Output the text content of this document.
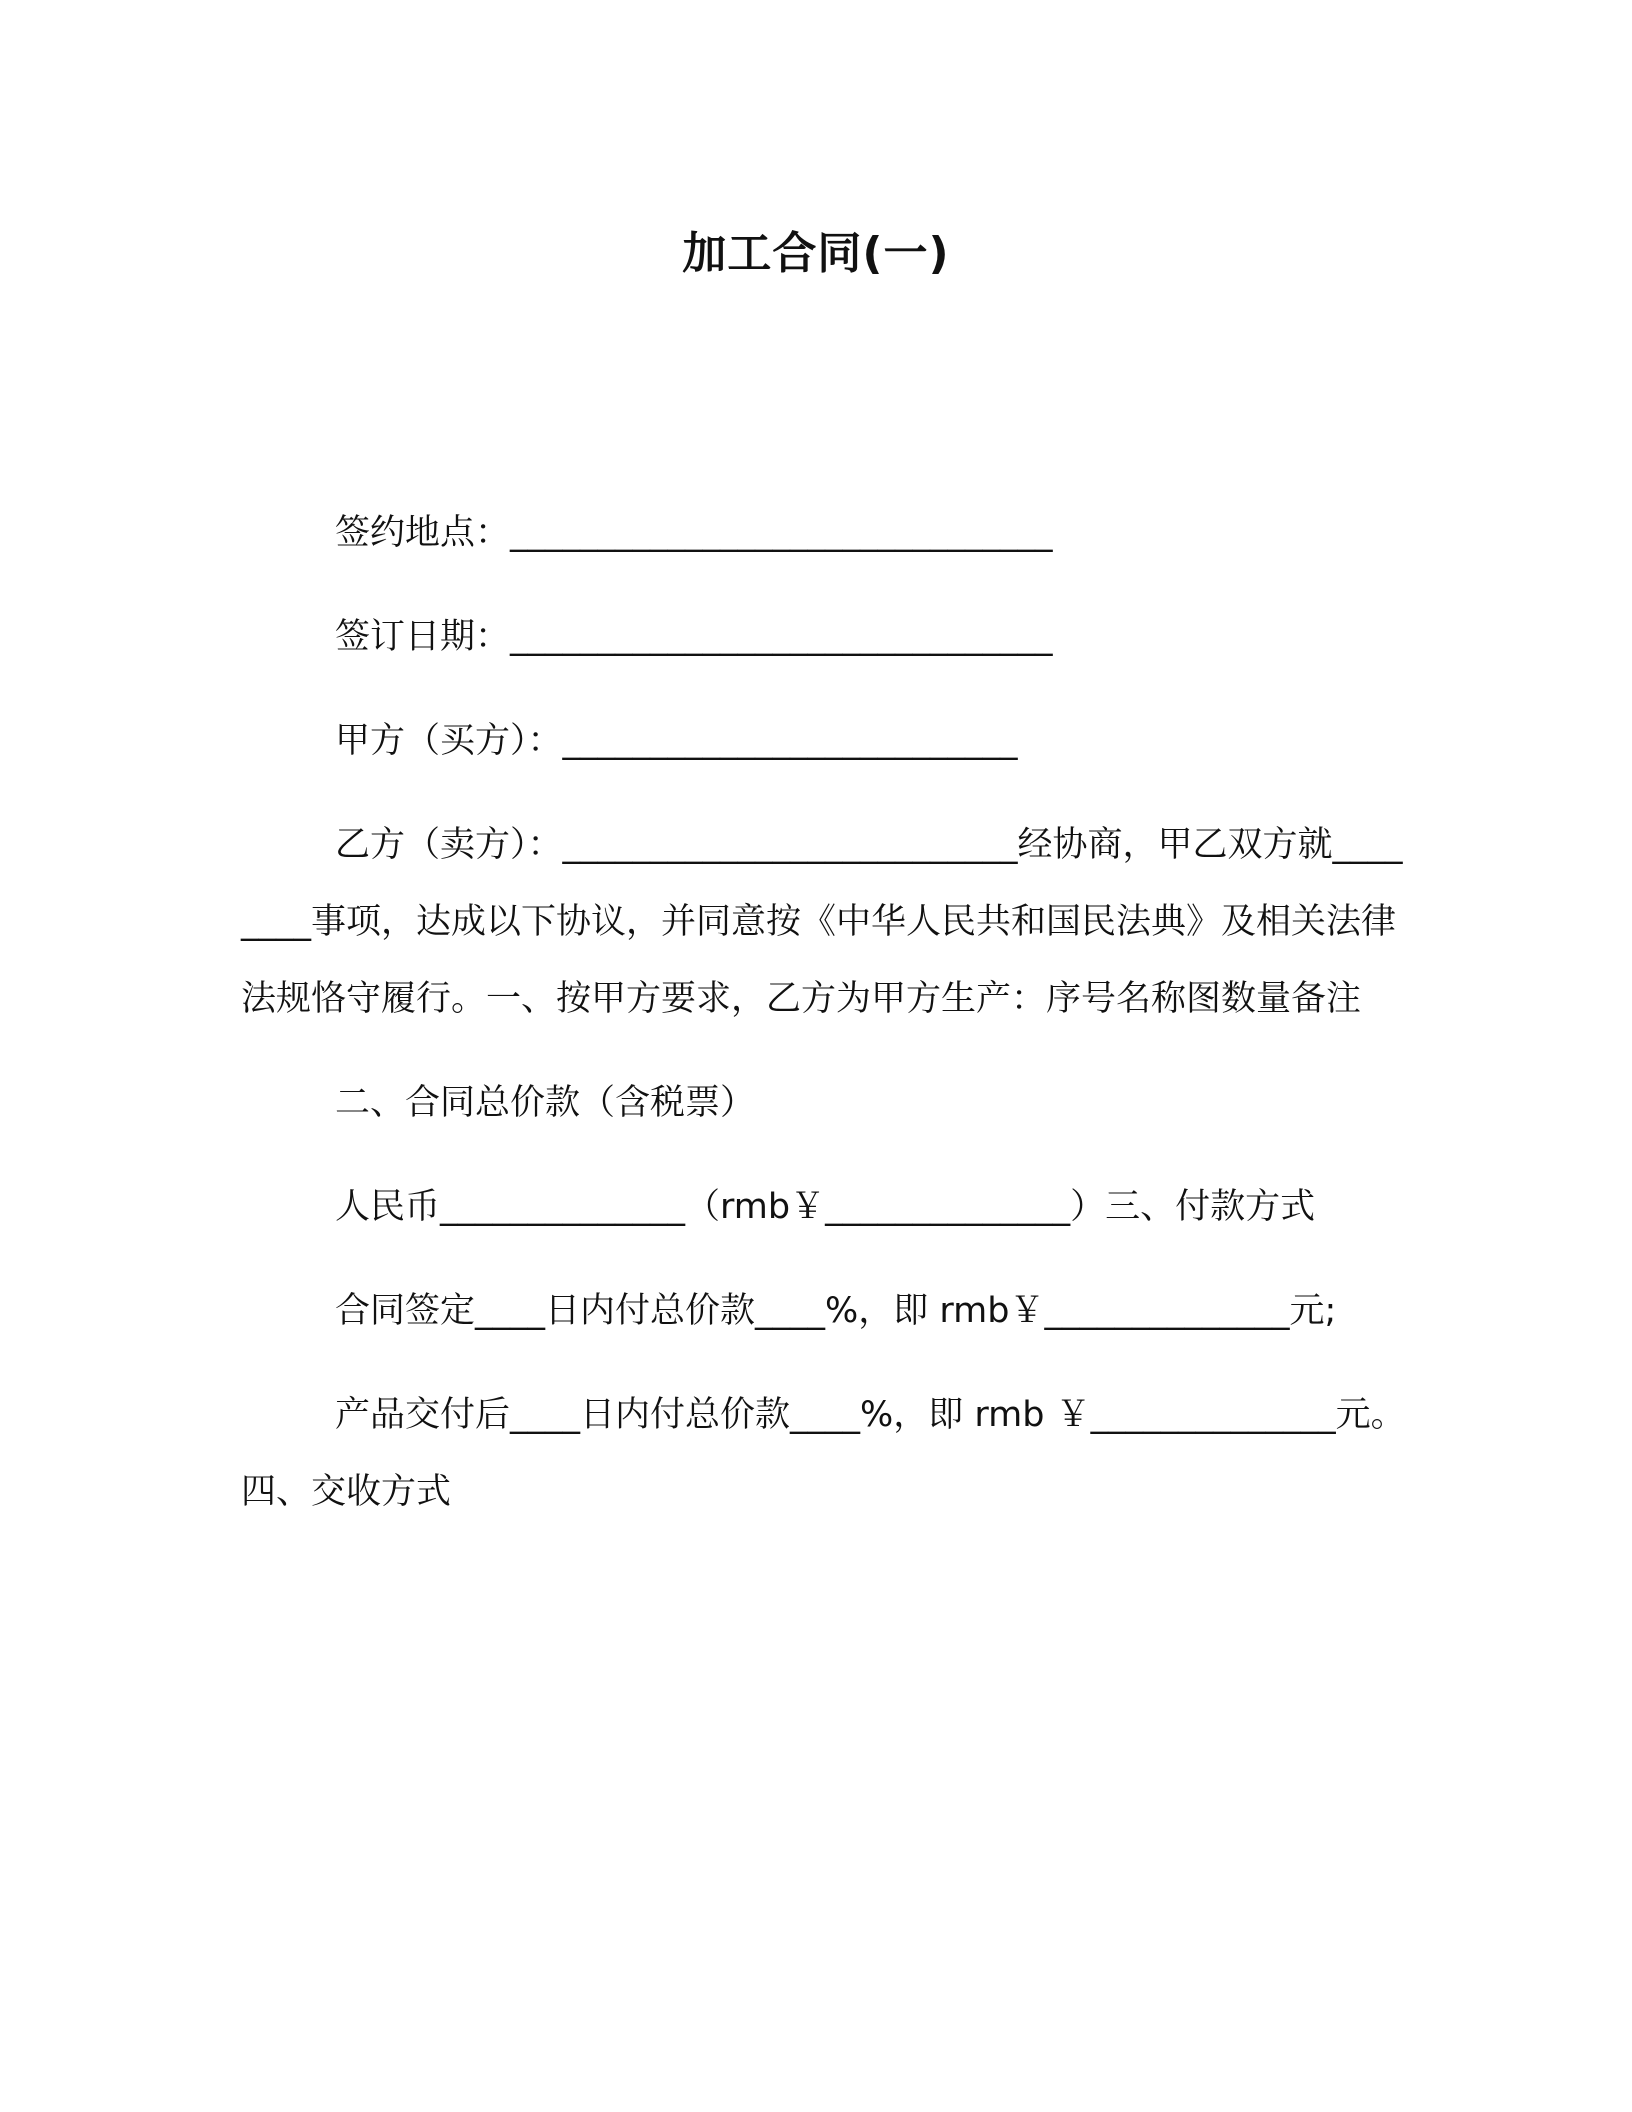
加工合同(一)

签约地点：_______________________________

签订日期：_______________________________

甲方（买方）：__________________________

乙方（卖方）：__________________________经协商，甲乙双方就________事项，达成以下协议，并同意按《中华人民共和国民法典》及相关法律法规恪守履行。一、按甲方要求，乙方为甲方生产：序号名称图数量备注

二、合同总价款（含税票）

人民币______________（rmb￥______________）三、付款方式

合同签定____日内付总价款____%，即 rmb￥______________元;

产品交付后____日内付总价款____%，即 rmb ￥______________元。四、交收方式
